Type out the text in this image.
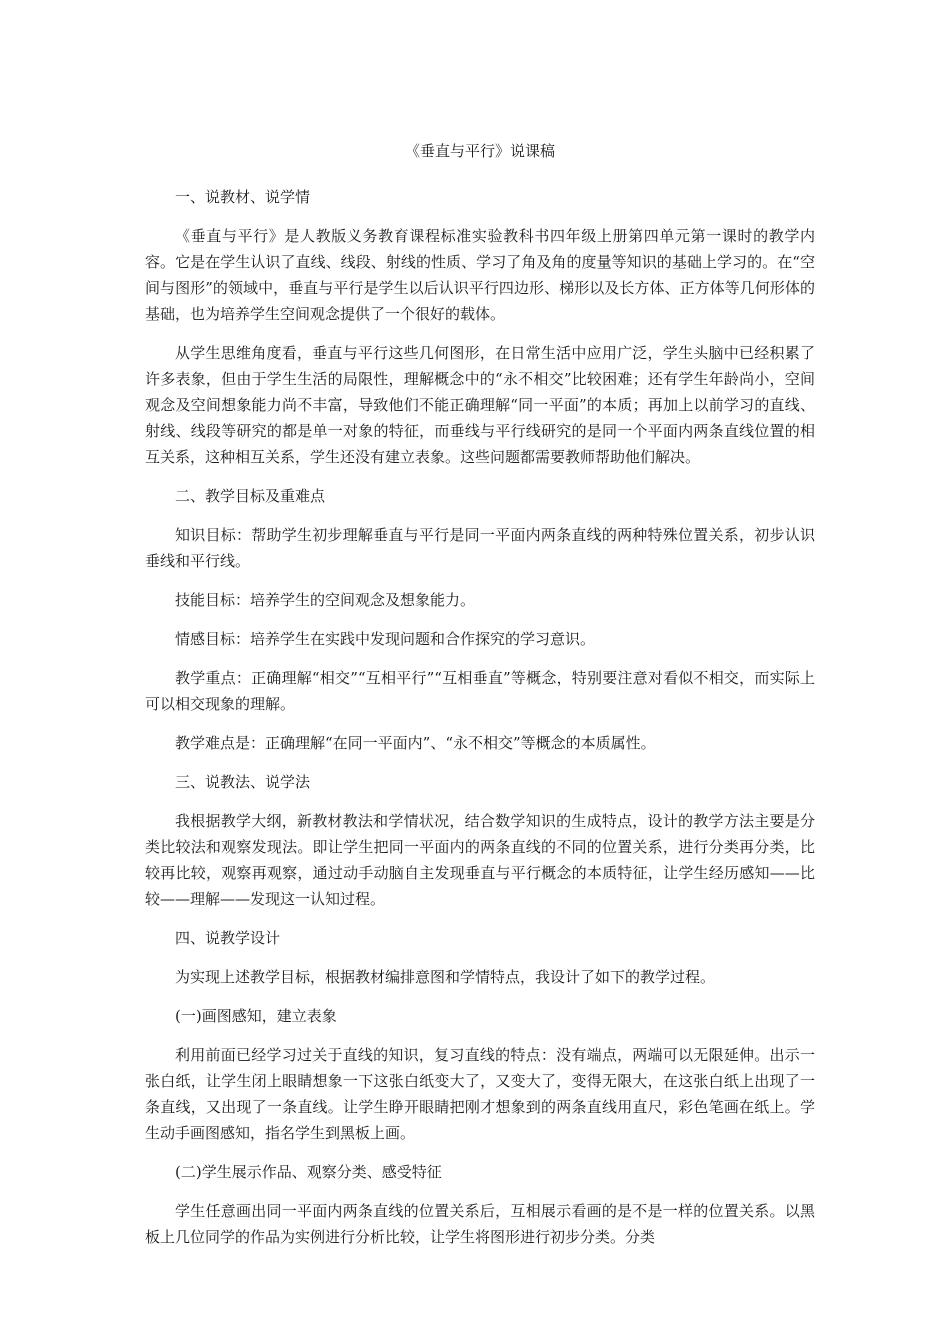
《垂直与平行》说课稿

一、说教材、说学情

《垂直与平行》是人教版义务教育课程标准实验教科书四年级上册第四单元第一课时的教学内容。它是在学生认识了直线、线段、射线的性质、学习了角及角的度量等知识的基础上学习的。在“空间与图形”的领域中，垂直与平行是学生以后认识平行四边形、梯形以及长方体、正方体等几何形体的基础，也为培养学生空间观念提供了一个很好的载体。

从学生思维角度看，垂直与平行这些几何图形，在日常生活中应用广泛，学生头脑中已经积累了许多表象，但由于学生生活的局限性，理解概念中的“永不相交”比较困难；还有学生年龄尚小，空间观念及空间想象能力尚不丰富，导致他们不能正确理解“同一平面”的本质；再加上以前学习的直线、射线、线段等研究的都是单一对象的特征，而垂线与平行线研究的是同一个平面内两条直线位置的相互关系，这种相互关系，学生还没有建立表象。这些问题都需要教师帮助他们解决。

二、教学目标及重难点

知识目标：帮助学生初步理解垂直与平行是同一平面内两条直线的两种特殊位置关系，初步认识垂线和平行线。

技能目标：培养学生的空间观念及想象能力。

情感目标：培养学生在实践中发现问题和合作探究的学习意识。

教学重点：正确理解“相交”“互相平行”“互相垂直”等概念，特别要注意对看似不相交，而实际上可以相交现象的理解。

教学难点是：正确理解“在同一平面内”、“永不相交”等概念的本质属性。

三、说教法、说学法

我根据教学大纲，新教材教法和学情状况，结合数学知识的生成特点，设计的教学方法主要是分类比较法和观察发现法。即让学生把同一平面内的两条直线的不同的位置关系，进行分类再分类，比较再比较，观察再观察，通过动手动脑自主发现垂直与平行概念的本质特征，让学生经历感知——比较——理解——发现这一认知过程。

四、说教学设计

为实现上述教学目标，根据教材编排意图和学情特点，我设计了如下的教学过程。

(一)画图感知，建立表象

利用前面已经学习过关于直线的知识，复习直线的特点：没有端点，两端可以无限延伸。出示一张白纸，让学生闭上眼睛想象一下这张白纸变大了，又变大了，变得无限大，在这张白纸上出现了一条直线，又出现了一条直线。让学生睁开眼睛把刚才想象到的两条直线用直尺，彩色笔画在纸上。学生动手画图感知，指名学生到黑板上画。

(二)学生展示作品、观察分类、感受特征

学生任意画出同一平面内两条直线的位置关系后，互相展示看画的是不是一样的位置关系。以黑板上几位同学的作品为实例进行分析比较，让学生将图形进行初步分类。分类
